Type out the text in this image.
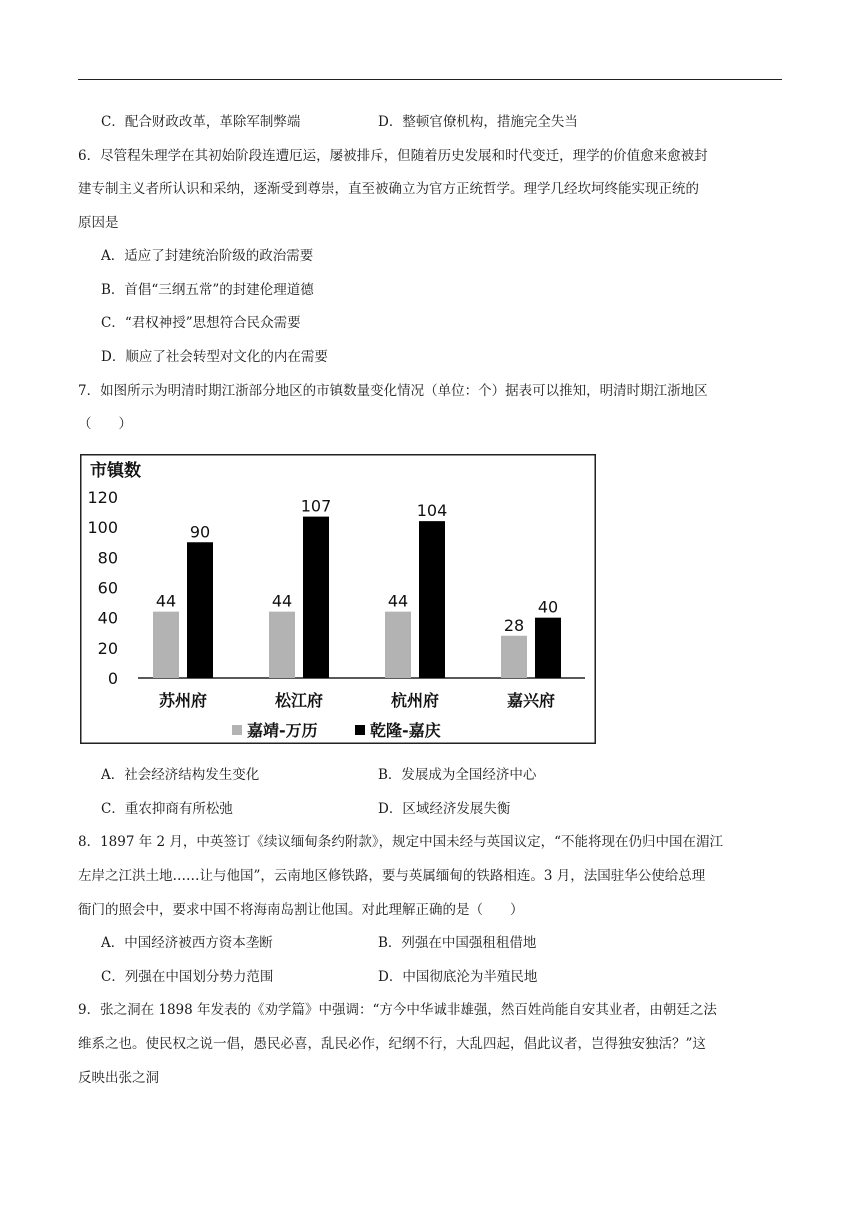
C．配合财政改革，革除军制弊端	D．整顿官僚机构，措施完全失当
6．尽管程朱理学在其初始阶段连遭厄运，屡被排斥，但随着历史发展和时代变迁，理学的价值愈来愈被封
建专制主义者所认识和采纳，逐渐受到尊崇，直至被确立为官方正统哲学。理学几经坎坷终能实现正统的
原因是
A．适应了封建统治阶级的政治需要
B．首倡“三纲五常”的封建伦理道德
C．“君权神授”思想符合民众需要
D．顺应了社会转型对文化的内在需要
7．如图所示为明清时期江浙部分地区的市镇数量变化情况（单位：个）据表可以推知，明清时期江浙地区
（　　）
市镇数
0
20
40
60
80
100
120
44
90
苏州府
44
107
松江府
44
104
杭州府
28
40
嘉兴府
嘉靖-万历	乾隆-嘉庆
A．社会经济结构发生变化	B．发展成为全国经济中心
C．重农抑商有所松弛	D．区域经济发展失衡
8．1897 年 2 月，中英签订《续议缅甸条约附款》，规定中国未经与英国议定，“不能将现在仍归中国在湄江
左岸之江洪土地……让与他国”，云南地区修铁路，要与英属缅甸的铁路相连。3 月，法国驻华公使给总理
衙门的照会中，要求中国不将海南岛割让他国。对此理解正确的是（　　）
A．中国经济被西方资本垄断	B．列强在中国强租租借地
C．列强在中国划分势力范围	D．中国彻底沦为半殖民地
9．张之洞在 1898 年发表的《劝学篇》中强调：“方今中华诚非雄强，然百姓尚能自安其业者，由朝廷之法
维系之也。使民权之说一倡，愚民必喜，乱民必作，纪纲不行，大乱四起，倡此议者，岂得独安独活？”这
反映出张之洞
